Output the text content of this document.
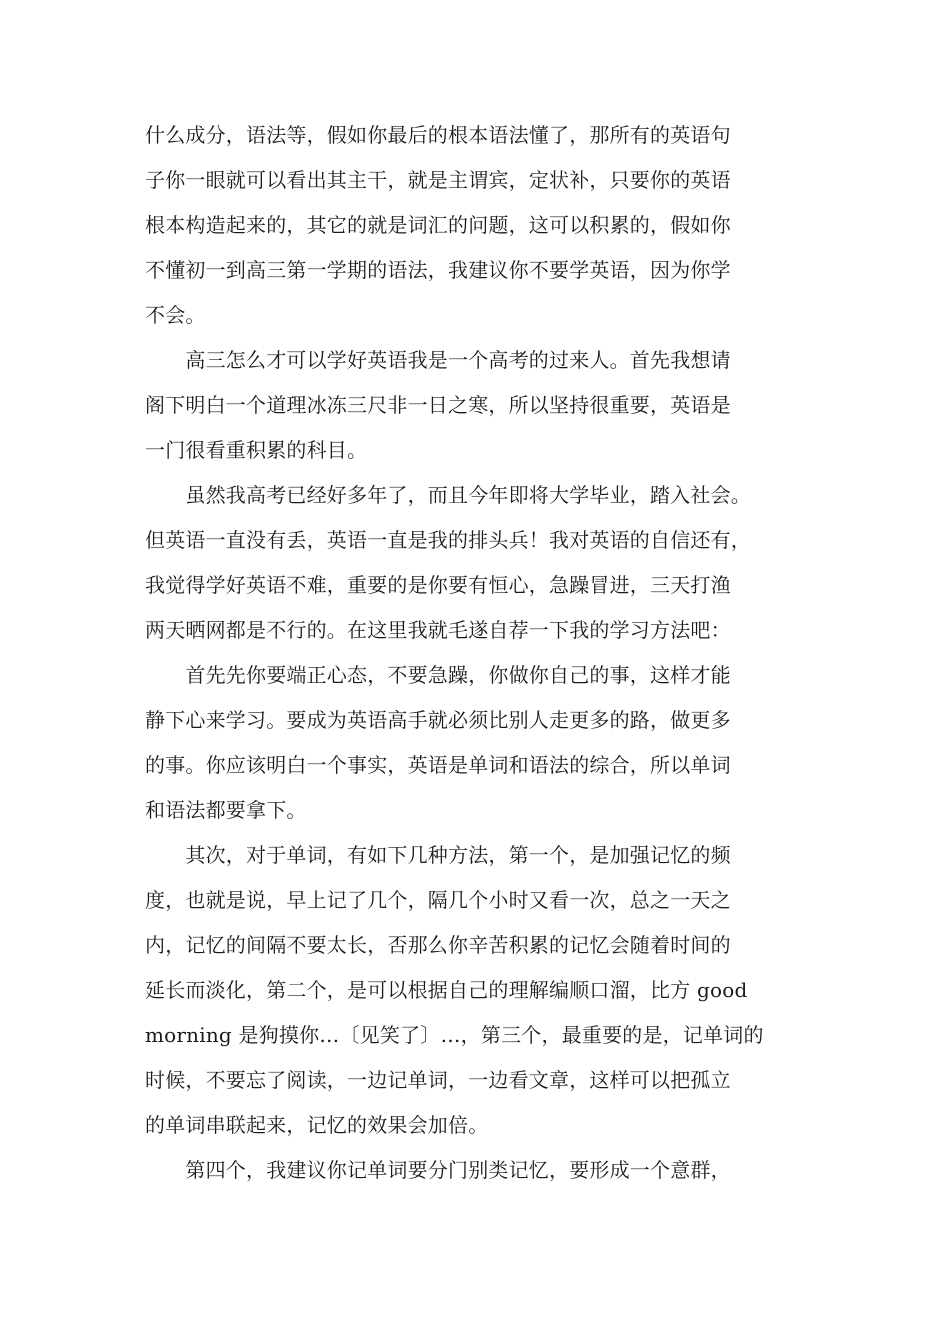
什么成分，语法等，假如你最后的根本语法懂了，那所有的英语句
子你一眼就可以看出其主干，就是主谓宾，定状补，只要你的英语
根本构造起来的，其它的就是词汇的问题，这可以积累的，假如你
不懂初一到高三第一学期的语法，我建议你不要学英语，因为你学
不会。

　　高三怎么才可以学好英语我是一个高考的过来人。首先我想请
阁下明白一个道理冰冻三尺非一日之寒，所以坚持很重要，英语是
一门很看重积累的科目。

　　虽然我高考已经好多年了，而且今年即将大学毕业，踏入社会。
但英语一直没有丢，英语一直是我的排头兵！我对英语的自信还有，
我觉得学好英语不难，重要的是你要有恒心，急躁冒进，三天打渔
两天晒网都是不行的。在这里我就毛遂自荐一下我的学习方法吧：

　　首先先你要端正心态，不要急躁，你做你自己的事，这样才能
静下心来学习。要成为英语高手就必须比别人走更多的路，做更多
的事。你应该明白一个事实，英语是单词和语法的综合，所以单词
和语法都要拿下。

　　其次，对于单词，有如下几种方法，第一个，是加强记忆的频
度，也就是说，早上记了几个，隔几个小时又看一次，总之一天之
内，记忆的间隔不要太长，否那么你辛苦积累的记忆会随着时间的
延长而淡化，第二个，是可以根据自己的理解编顺口溜，比方 good
morning 是狗摸你…〔见笑了〕…，第三个，最重要的是，记单词的
时候，不要忘了阅读，一边记单词，一边看文章，这样可以把孤立
的单词串联起来，记忆的效果会加倍。

　　第四个，我建议你记单词要分门别类记忆，要形成一个意群，
